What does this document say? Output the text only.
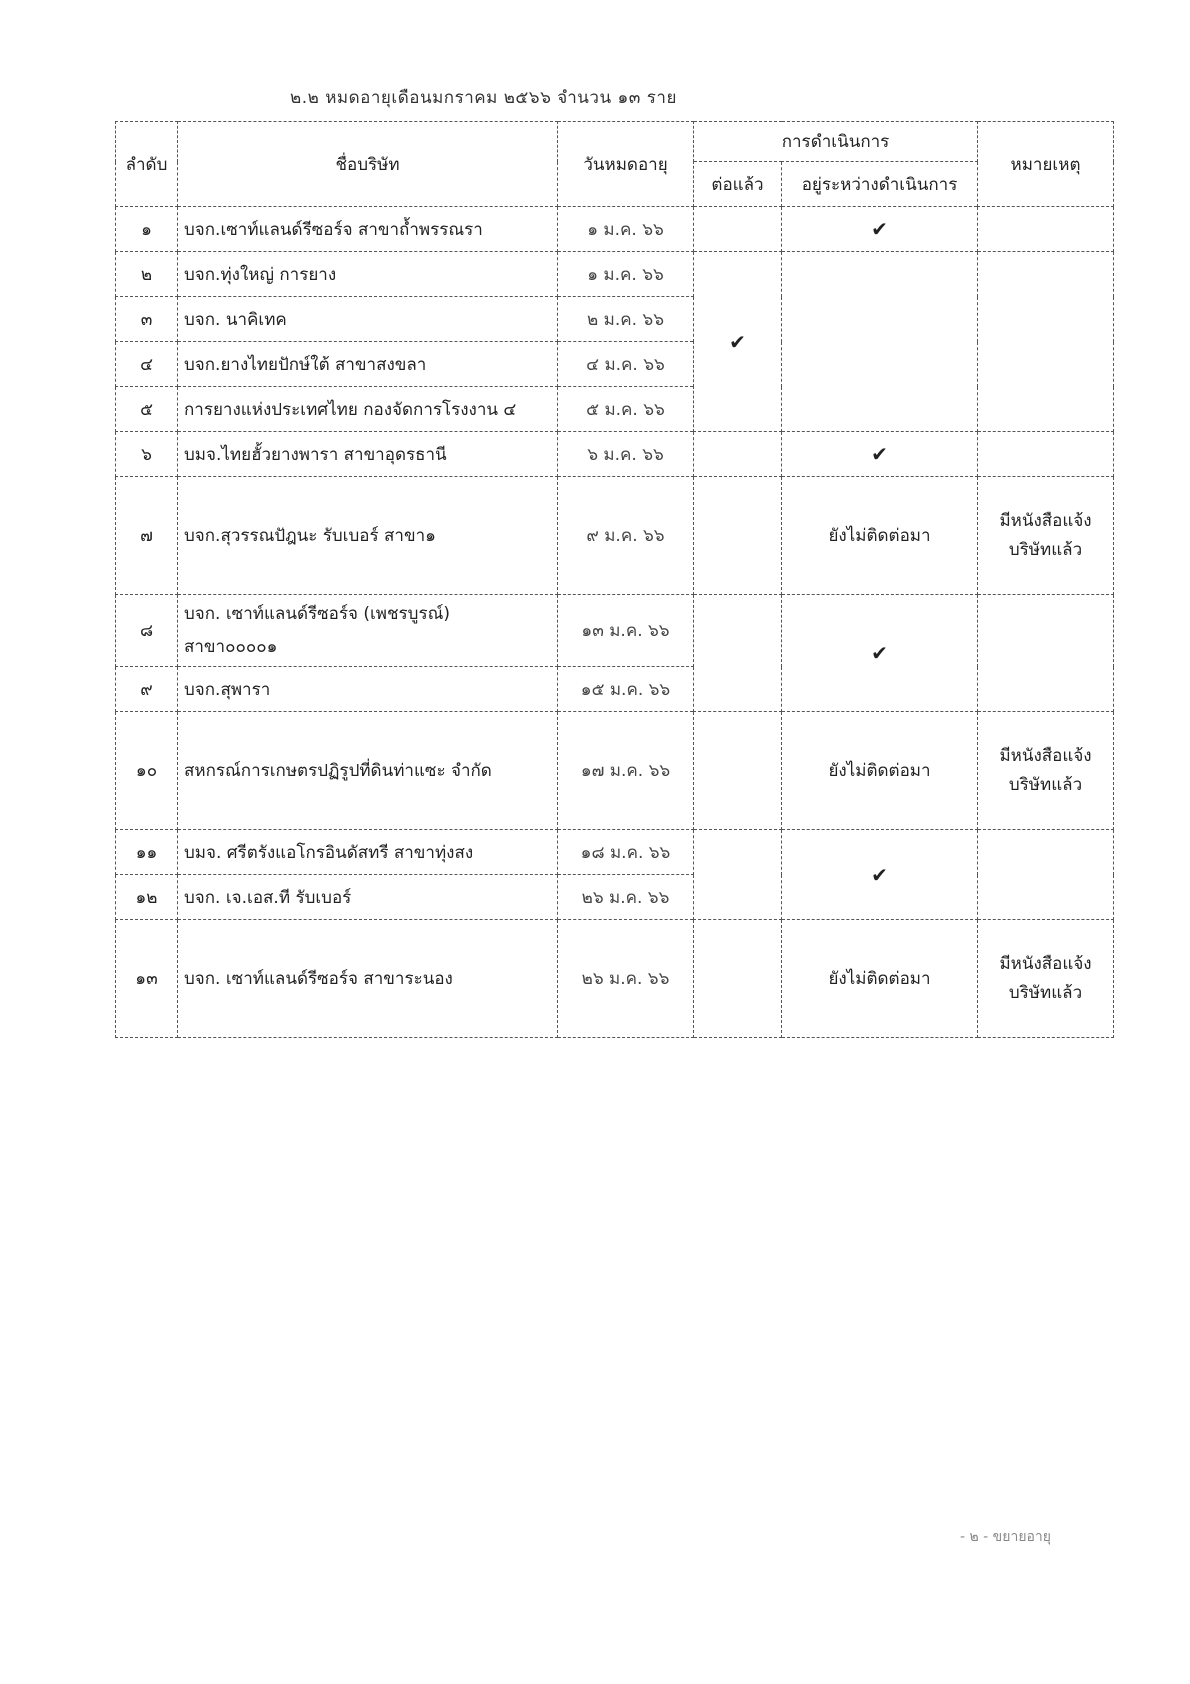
๒.๒ หมดอายุเดือนมกราคม ๒๕๖๖ จำนวน ๑๓ ราย
ลำดับ	ชื่อบริษัท	วันหมดอายุ	การดำเนินการ		หมายเหตุ
			ต่อแล้ว	อยู่ระหว่างดำเนินการ	
๑	บจก.เซาท์แลนด์รีซอร์จ สาขาถ้ำพรรณรา	๑ ม.ค. ๖๖		✔	
๒	บจก.ทุ่งใหญ่ การยาง	๑ ม.ค. ๖๖	✔		
๓	บจก. นาคิเทค	๒ ม.ค. ๖๖			
๔	บจก.ยางไทยปักษ์ใต้ สาขาสงขลา	๔ ม.ค. ๖๖			
๕	การยางแห่งประเทศไทย กองจัดการโรงงาน ๔	๕ ม.ค. ๖๖			
๖	บมจ.ไทยฮั้วยางพารา สาขาอุดรธานี	๖ ม.ค. ๖๖		✔	
๗	บจก.สุวรรณปัฎนะ รับเบอร์ สาขา๑	๙ ม.ค. ๖๖		ยังไม่ติดต่อมา	มีหนังสือแจ้ง
บริษัทแล้ว

๘	บจก. เซาท์แลนด์รีซอร์จ (เพชรบูรณ์)
สาขา๐๐๐๐๑	๑๓ ม.ค. ๖๖		✔	
๙	บจก.สุพารา	๑๕ ม.ค. ๖๖			
๑๐	สหกรณ์การเกษตรปฏิรูปที่ดินท่าแซะ จำกัด	๑๗ ม.ค. ๖๖		ยังไม่ติดต่อมา	มีหนังสือแจ้ง
บริษัทแล้ว

๑๑	บมจ. ศรีตรังแอโกรอินดัสทรี สาขาทุ่งสง	๑๘ ม.ค. ๖๖		✔	
๑๒	บจก. เจ.เอส.ที รับเบอร์	๒๖ ม.ค. ๖๖			
๑๓	บจก. เซาท์แลนด์รีซอร์จ สาขาระนอง	๒๖ ม.ค. ๖๖		ยังไม่ติดต่อมา	มีหนังสือแจ้ง
บริษัทแล้ว
- ๒ - ขยายอายุ
